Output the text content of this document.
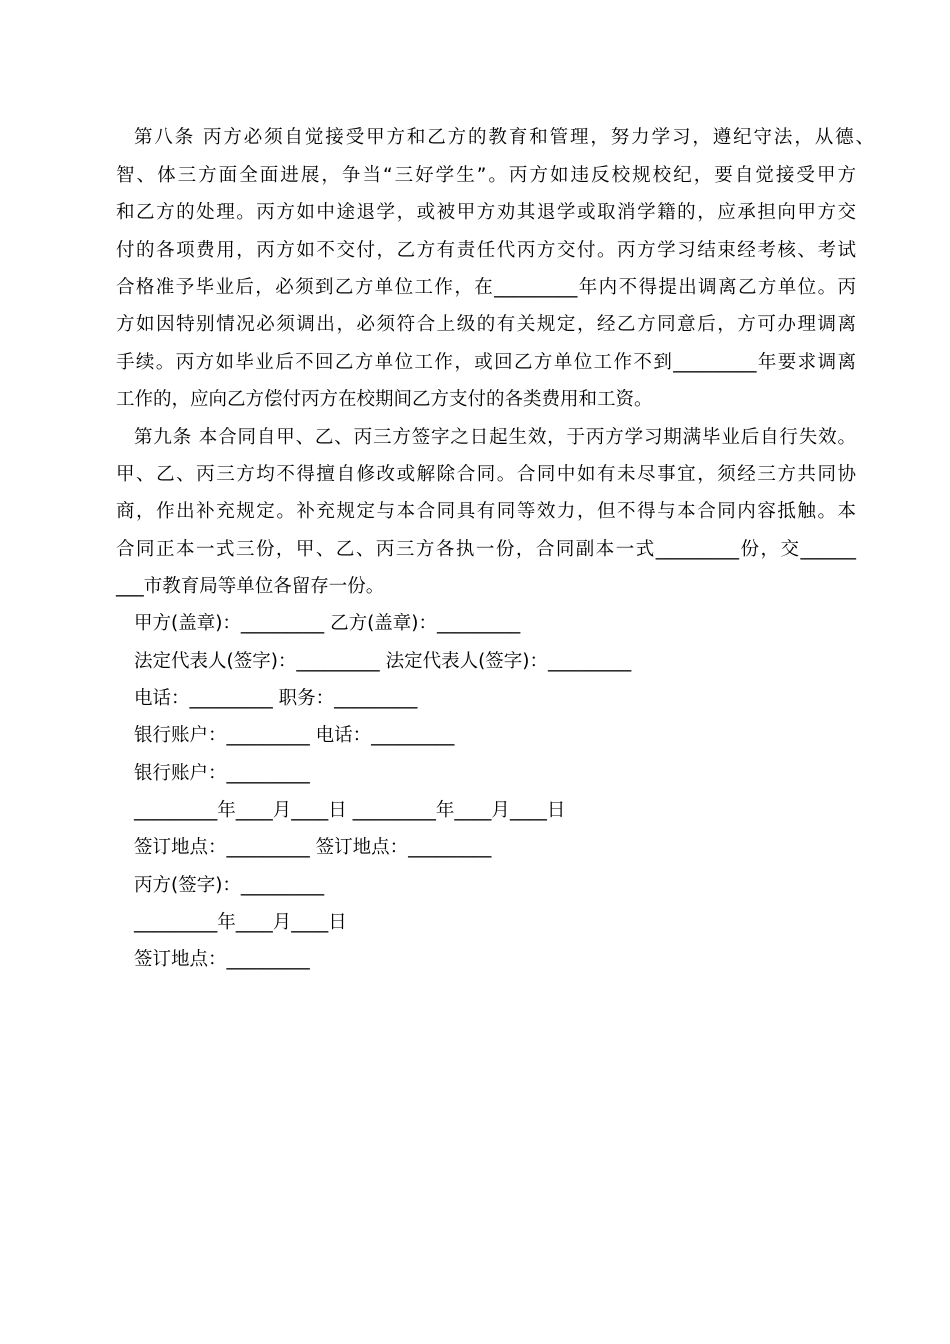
第八条 丙方必须自觉接受甲方和乙方的教育和管理，努力学习，遵纪守法，从德、
智、体三方面全面进展，争当“三好学生”。丙方如违反校规校纪，要自觉接受甲方
和乙方的处理。丙方如中途退学，或被甲方劝其退学或取消学籍的，应承担向甲方交
付的各项费用，丙方如不交付，乙方有责任代丙方交付。丙方学习结束经考核、考试
合格准予毕业后，必须到乙方单位工作，在_________年内不得提出调离乙方单位。丙
方如因特别情况必须调出，必须符合上级的有关规定，经乙方同意后，方可办理调离
手续。丙方如毕业后不回乙方单位工作，或回乙方单位工作不到_________年要求调离
工作的，应向乙方偿付丙方在校期间乙方支付的各类费用和工资。
第九条 本合同自甲、乙、丙三方签字之日起生效，于丙方学习期满毕业后自行失效。
甲、乙、丙三方均不得擅自修改或解除合同。合同中如有未尽事宜，须经三方共同协
商，作出补充规定。补充规定与本合同具有同等效力，但不得与本合同内容抵触。本
合同正本一式三份，甲、乙、丙三方各执一份，合同副本一式_________份，交______
___市教育局等单位各留存一份。
甲方(盖章)：_________ 乙方(盖章)：_________
法定代表人(签字)：_________ 法定代表人(签字)：_________
电话：_________ 职务：_________
银行账户：_________ 电话：_________
银行账户：_________
_________年____月____日 _________年____月____日
签订地点：_________ 签订地点：_________
丙方(签字)：_________
_________年____月____日
签订地点：_________
